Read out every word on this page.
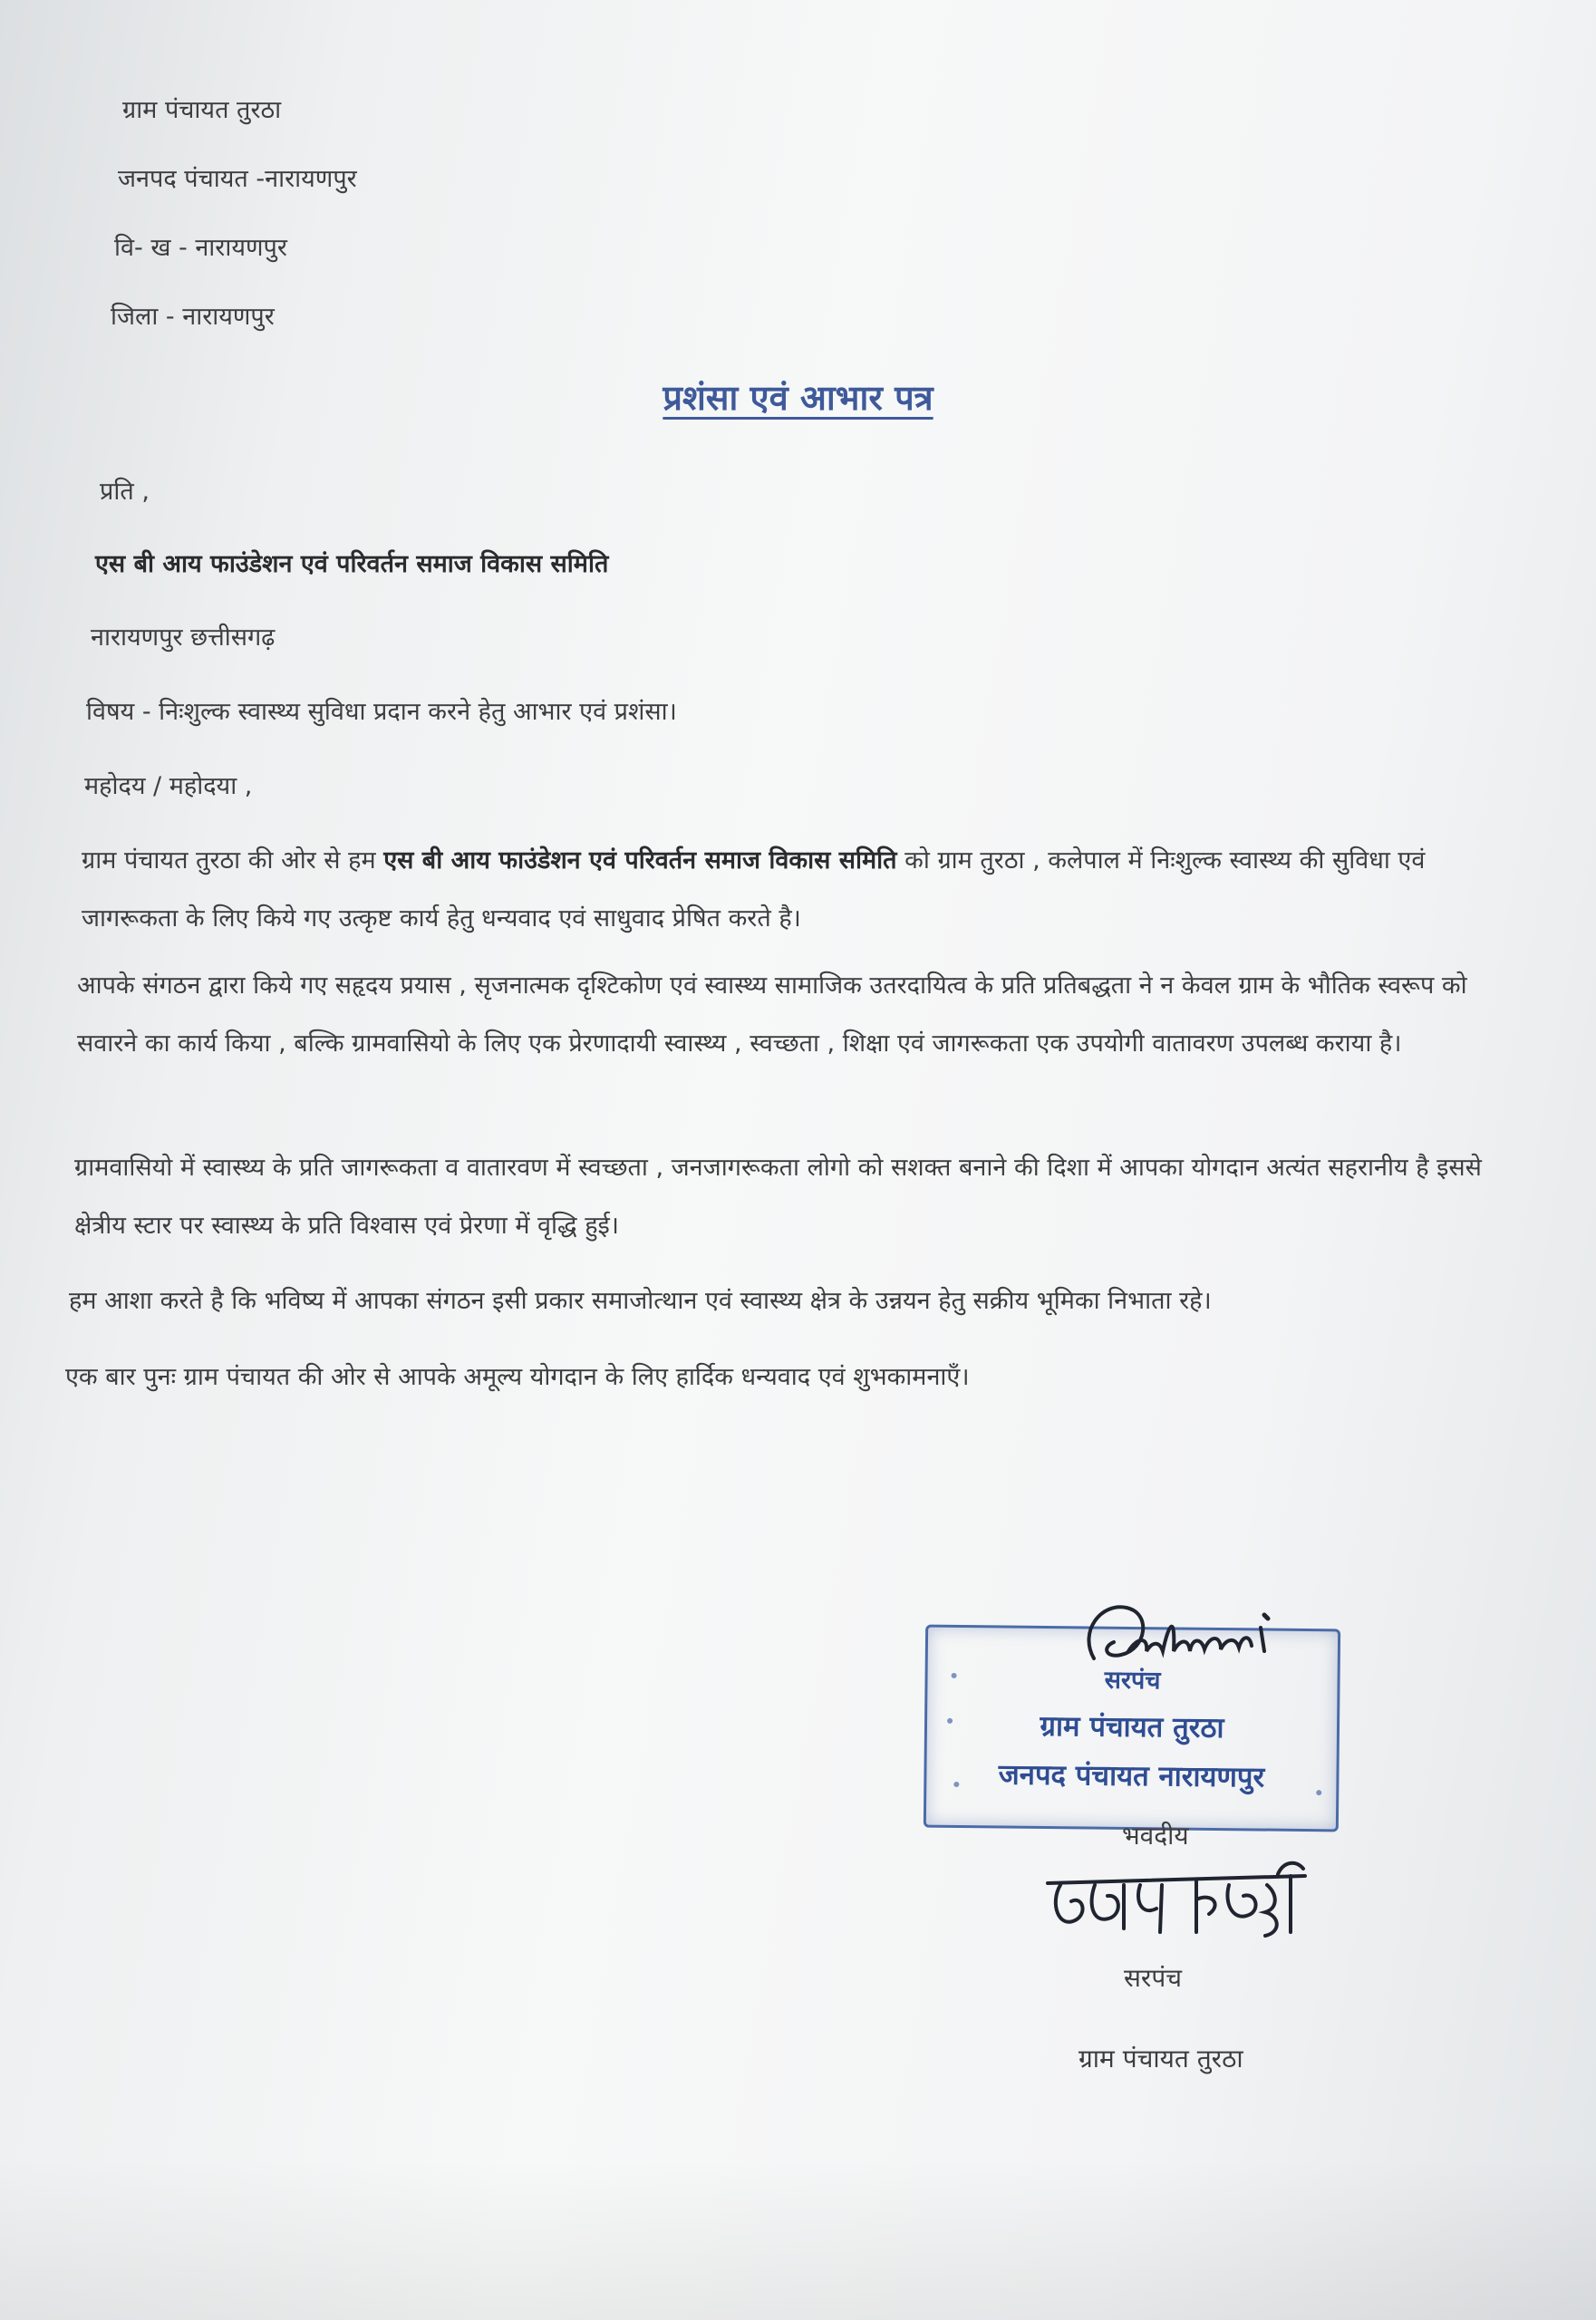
ग्राम पंचायत तुरठा
जनपद पंचायत -नारायणपुर
वि- ख - नारायणपुर
जिला - नारायणपुर
प्रशंसा एवं आभार पत्र
प्रति ,
एस बी आय फाउंडेशन एवं परिवर्तन समाज विकास समिति
नारायणपुर छत्तीसगढ़
विषय - निःशुल्क स्वास्थ्य सुविधा प्रदान करने हेतु आभार एवं प्रशंसा।
महोदय / महोदया ,
ग्राम पंचायत तुरठा की ओर से हम एस बी आय फाउंडेशन एवं परिवर्तन समाज विकास समिति को ग्राम तुरठा , कलेपाल में निःशुल्क स्वास्थ्य की सुविधा एवं जागरूकता के लिए किये गए उत्कृष्ट कार्य हेतु धन्यवाद एवं साधुवाद प्रेषित करते है।
आपके संगठन द्वारा किये गए सहृदय प्रयास , सृजनात्मक दृश्टिकोण एवं स्वास्थ्य सामाजिक उतरदायित्व के प्रति प्रतिबद्धता ने न केवल ग्राम के भौतिक स्वरूप को सवारने का कार्य किया , बल्कि ग्रामवासियो के लिए एक प्रेरणादायी स्वास्थ्य , स्वच्छता , शिक्षा एवं जागरूकता एक उपयोगी वातावरण उपलब्ध कराया है।
ग्रामवासियो में स्वास्थ्य के प्रति जागरूकता व वातारवण में स्वच्छता , जनजागरूकता लोगो को सशक्त बनाने की दिशा में आपका योगदान अत्यंत सहरानीय है इससे क्षेत्रीय स्टार पर स्वास्थ्य के प्रति विश्वास एवं प्रेरणा में वृद्धि हुई।
हम आशा करते है कि भविष्य में आपका संगठन इसी प्रकार समाजोत्थान एवं स्वास्थ्य क्षेत्र के उन्नयन हेतु सक्रीय भूमिका निभाता रहे।
एक बार पुनः ग्राम पंचायत की ओर से आपके अमूल्य योगदान के लिए हार्दिक धन्यवाद एवं शुभकामनाएँ।
सरपंच
ग्राम पंचायत तुरठा
जनपद पंचायत नारायणपुर
Lachhani
भवदीय
लछनी पोटाई
सरपंच
ग्राम पंचायत तुरठा
